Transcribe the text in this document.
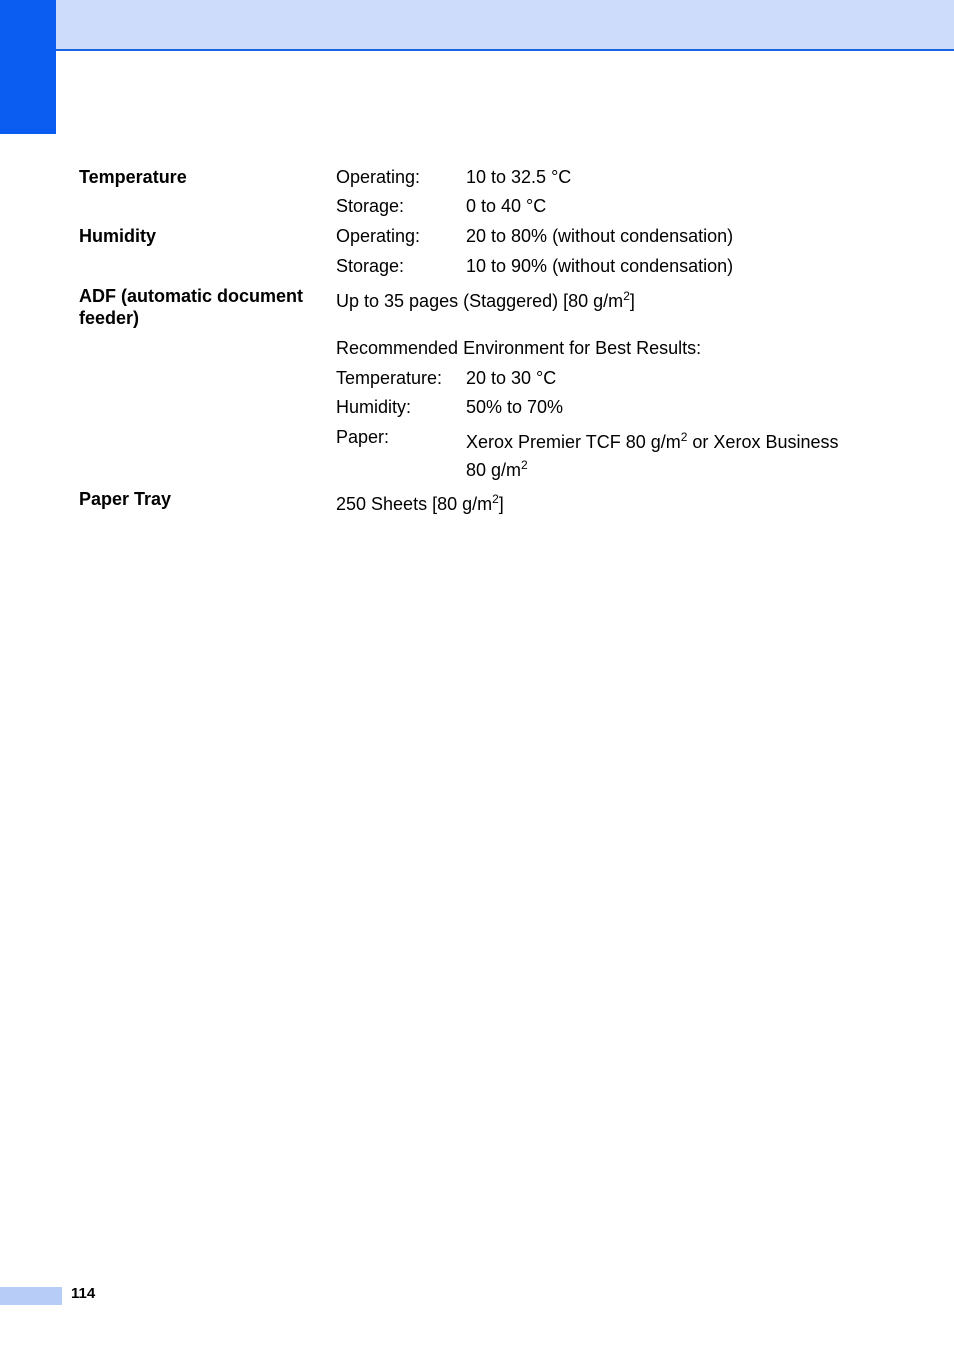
Temperature	Operating:	10 to 32.5 °C
Storage:	0 to 40 °C
Humidity	Operating:	20 to 80% (without condensation)
Storage:	10 to 90% (without condensation)
ADF (automatic document
feeder)
Up to 35 pages (Staggered) [80 $g/m^2$]
Recommended Environment for Best Results:
Temperature: 20 to 30 °C
Humidity:	50% to 70%
Paper:	Xerox Premier TCF 80 $g/m^2$ or Xerox Business
80 $g/m^2$
Paper Tray	250 Sheets [80 $g/m^2$]
114
